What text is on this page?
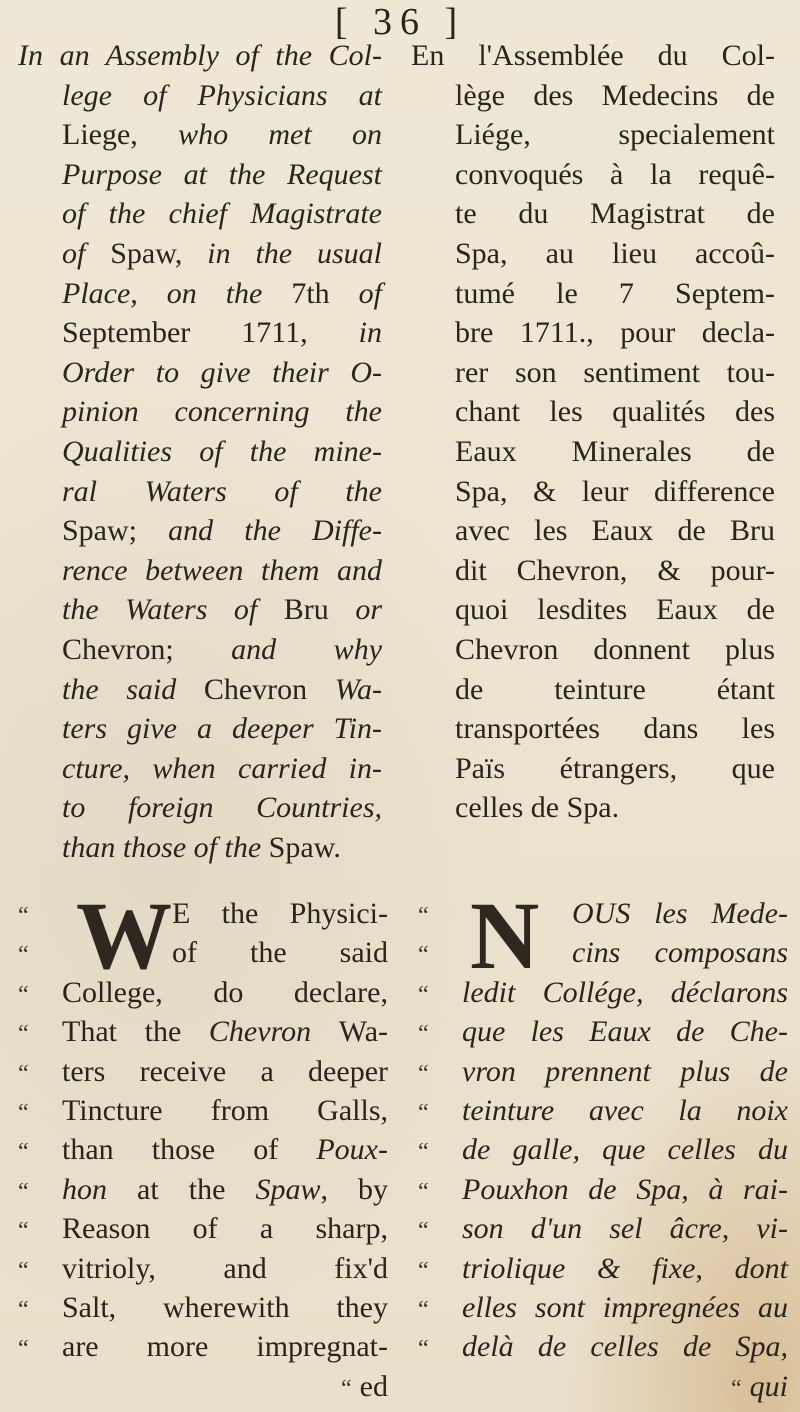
[ 36 ]
In an Assembly of the Col-
lege of Physicians at
Liege, who met on
Purpose at the Request
of the chief Magistrate
of Spaw, in the usual
Place, on the 7th of
September 1711, in
Order to give their O-
pinion concerning the
Qualities of the mine-
ral Waters of the
Spaw; and the Diffe-
rence between them and
the Waters of Bru or
Chevron; and why
the said Chevron Wa-
ters give a deeper Tin-
cture, when carried in-
to foreign Countries,
than those of the Spaw.
En l'Assemblée du Col-
lège des Medecins de
Liége, specialement
convoqués à la requê-
te du Magistrat de
Spa, au lieu accoû-
tumé le 7 Septem-
bre 1711., pour decla-
rer son sentiment tou-
chant les qualités des
Eaux Minerales de
Spa, & leur difference
avec les Eaux de Bru
dit Chevron, & pour-
quoi lesdites Eaux de
Chevron donnent plus
de teinture étant
transportées dans les
Païs étrangers, que
celles de Spa.
W
“	E the Physici-
“	of the said
“	College, do declare,
“	That the Chevron Wa-
“	ters receive a deeper
“	Tincture from Galls,
“	than those of Poux-
“	hon at the Spaw, by
“	Reason of a sharp,
“	vitrioly, and fix'd
“	Salt, wherewith they
“	are more impregnat-
“ ed
N
“	OUS les Mede-
“	cins composans
“	ledit Collége, déclarons
“	que les Eaux de Che-
“	vron prennent plus de
“	teinture avec la noix
“	de galle, que celles du
“	Pouxhon de Spa, à rai-
“	son d'un sel âcre, vi-
“	triolique & fixe, dont
“	elles sont impregnées au
“	delà de celles de Spa,
“ qui
